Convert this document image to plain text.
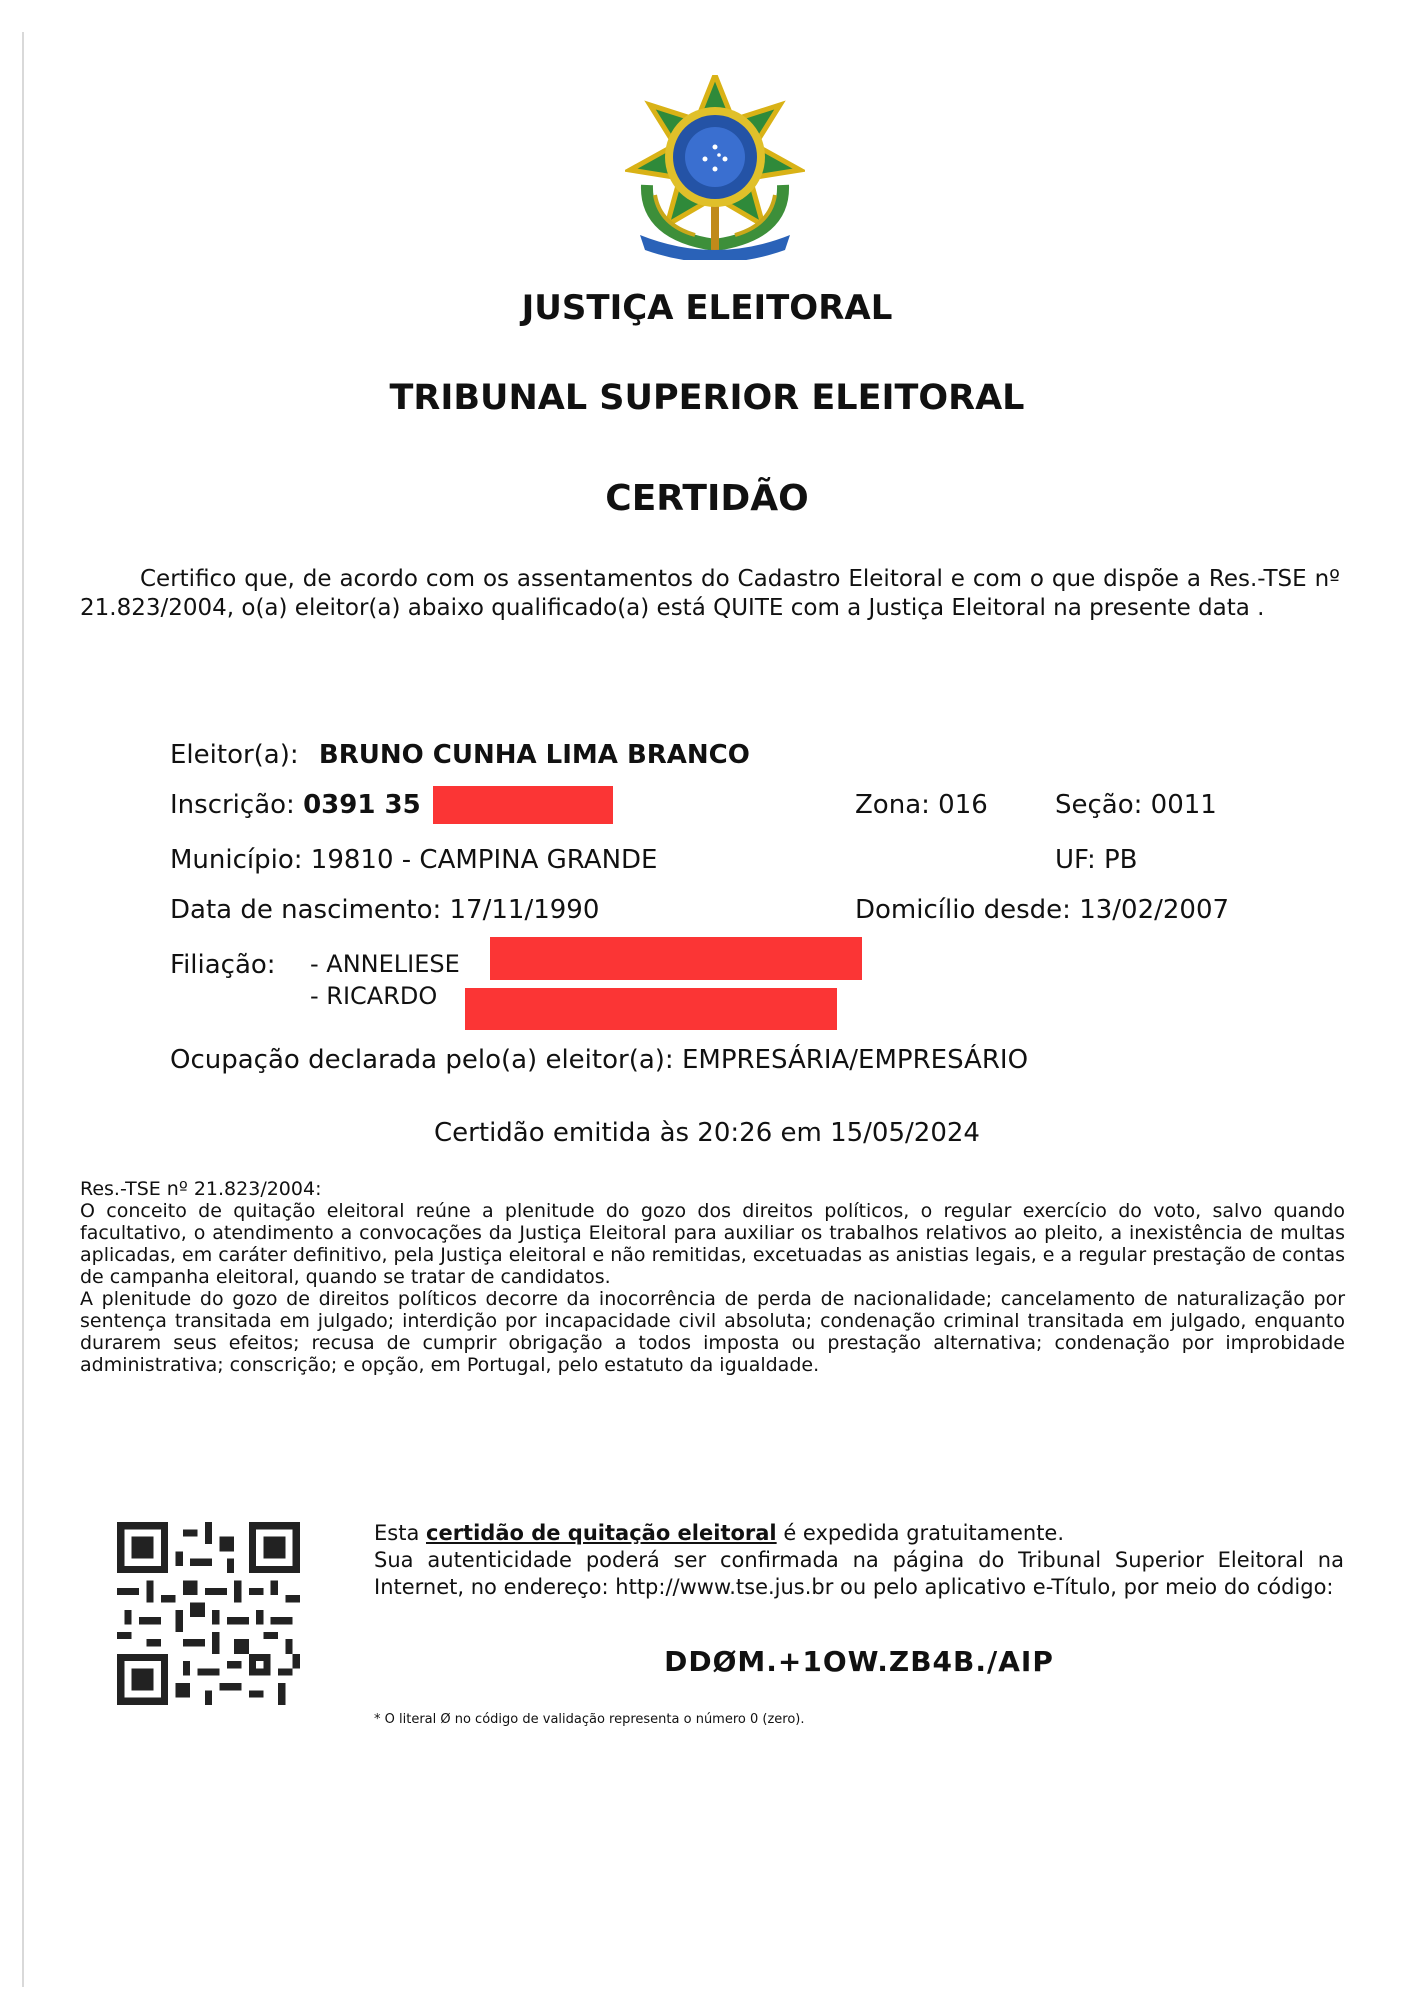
JUSTIÇA ELEITORAL
TRIBUNAL SUPERIOR ELEITORAL
CERTIDÃO
Certifico que, de acordo com os assentamentos do Cadastro Eleitoral e com o que dispõe a Res.-TSE nº 21.823/2004, o(a) eleitor(a) abaixo qualificado(a) está QUITE com a Justiça Eleitoral na presente data .
Eleitor(a): BRUNO CUNHA LIMA BRANCO
Inscrição: 0391 35	Zona: 016	Seção: 0011
Município: 19810 - CAMPINA GRANDE	UF: PB
Data de nascimento: 17/11/1990	Domicílio desde: 13/02/2007
Filiação: - ANNELIESE
- RICARDO
Ocupação declarada pelo(a) eleitor(a): EMPRESÁRIA/EMPRESÁRIO
Certidão emitida às 20:26 em 15/05/2024

Res.-TSE nº 21.823/2004:

O conceito de quitação eleitoral reúne a plenitude do gozo dos direitos políticos, o regular exercício do voto, salvo quando facultativo, o atendimento a convocações da Justiça Eleitoral para auxiliar os trabalhos relativos ao pleito, a inexistência de multas aplicadas, em caráter definitivo, pela Justiça eleitoral e não remitidas, excetuadas as anistias legais, e a regular prestação de contas de campanha eleitoral, quando se tratar de candidatos.

A plenitude do gozo de direitos políticos decorre da inocorrência de perda de nacionalidade; cancelamento de naturalização por sentença transitada em julgado; interdição por incapacidade civil absoluta; condenação criminal transitada em julgado, enquanto durarem seus efeitos; recusa de cumprir obrigação a todos imposta ou prestação alternativa; condenação por improbidade administrativa; conscrição; e opção, em Portugal, pelo estatuto da igualdade.

Esta certidão de quitação eleitoral é expedida gratuitamente.
Sua autenticidade poderá ser confirmada na página do Tribunal Superior Eleitoral na Internet, no endereço: http://www.tse.jus.br ou pelo aplicativo e-Título, por meio do código:
DDØM.+1OW.ZB4B./AIP
* O literal Ø no código de validação representa o número 0 (zero).
